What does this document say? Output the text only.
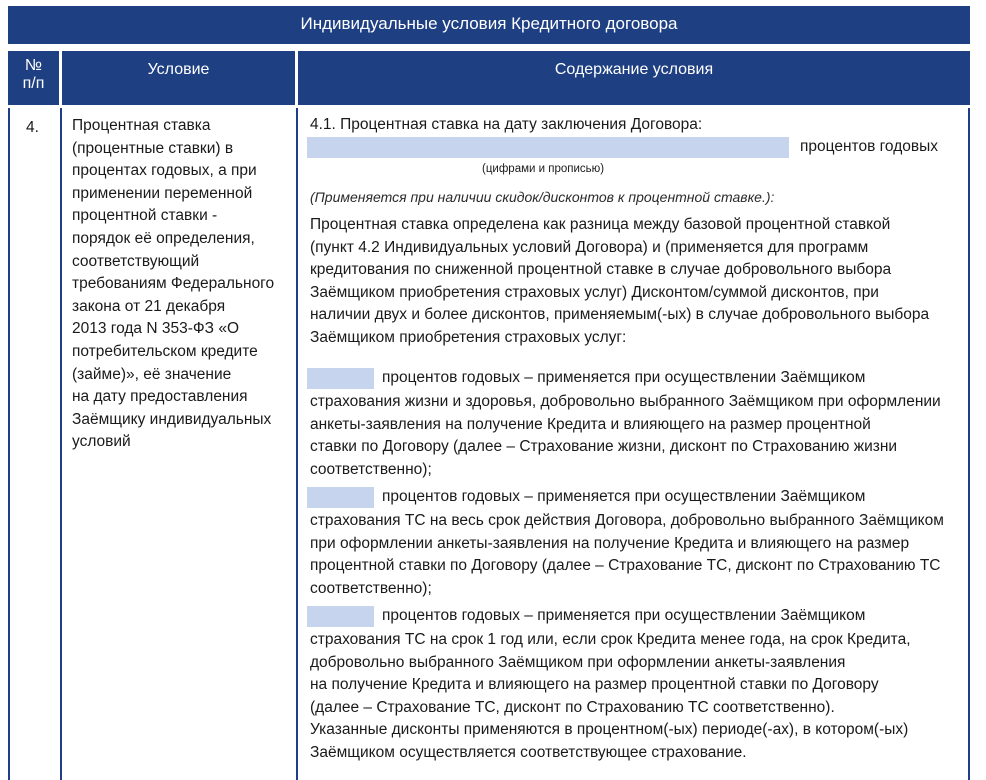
Индивидуальные условия Кредитного договора
№
п/п
Условие	Содержание условия
4. Процентная ставка
(процентные ставки) в
процентах годовых, а при
применении переменной
процентной ставки -
порядок её определения,
соответствующий
требованиям Федерального
закона от 21 декабря
2013 года N 353-ФЗ «О
потребительском кредите
(займе)», её значение
на дату предоставления
Заёмщику индивидуальных
условий
4.1. Процентная ставка на дату заключения Договора:
процентов годовых
(цифрами и прописью)
(Применяется при наличии скидок/дисконтов к процентной ставке.):
Процентная ставка определена как разница между базовой процентной ставкой
(пункт 4.2 Индивидуальных условий Договора) и (применяется для программ
кредитования по сниженной процентной ставке в случае добровольного выбора
Заёмщиком приобретения страховых услуг) Дисконтом/суммой дисконтов, при
наличии двух и более дисконтов, применяемым(-ых) в случае добровольного выбора
Заёмщиком приобретения страховых услуг:
процентов годовых – применяется при осуществлении Заёмщиком
страхования жизни и здоровья, добровольно выбранного Заёмщиком при оформлении
анкеты-заявления на получение Кредита и влияющего на размер процентной
ставки по Договору (далее – Страхование жизни, дисконт по Страхованию жизни
соответственно);
процентов годовых – применяется при осуществлении Заёмщиком
страхования ТС на весь срок действия Договора, добровольно выбранного Заёмщиком
при оформлении анкеты-заявления на получение Кредита и влияющего на размер
процентной ставки по Договору (далее – Страхование ТС, дисконт по Страхованию ТС
соответственно);
процентов годовых – применяется при осуществлении Заёмщиком
страхования ТС на срок 1 год или, если срок Кредита менее года, на срок Кредита,
добровольно выбранного Заёмщиком при оформлении анкеты-заявления
на получение Кредита и влияющего на размер процентной ставки по Договору
(далее – Страхование ТС, дисконт по Страхованию ТС соответственно).
Указанные дисконты применяются в процентном(-ых) периоде(-ах), в котором(-ых)
Заёмщиком осуществляется соответствующее страхование.
